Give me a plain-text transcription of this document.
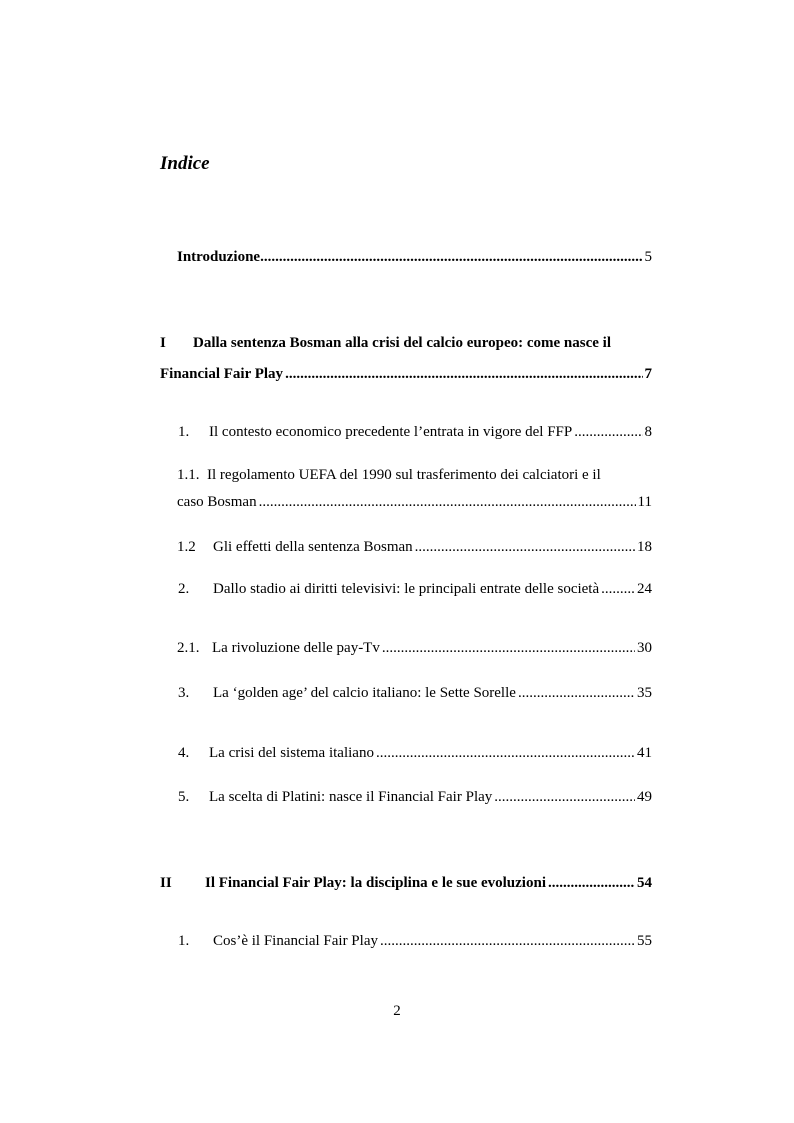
Indice
Introduzione .....	5
I Dalla sentenza Bosman alla crisi del calcio europeo: come nasce il
Financial Fair Play .....	7
1.	Il contesto economico precedente l’entrata in vigore del FFP .....	8
1.1. Il regolamento UEFA del 1990 sul trasferimento dei calciatori e il
caso Bosman .....	11
1.2	Gli effetti della sentenza Bosman .....	18
2.	Dallo stadio ai diritti televisivi: le principali entrate delle società .....	24
2.1. La rivoluzione delle pay-Tv .....	30
3.	La ‘golden age’ del calcio italiano: le Sette Sorelle .....	35
4.	La crisi del sistema italiano .....	41
5.	La scelta di Platini: nasce il Financial Fair Play .....	49
II	Il Financial Fair Play: la disciplina e le sue evoluzioni .....	54
1.	Cos’è il Financial Fair Play .....	55
2
